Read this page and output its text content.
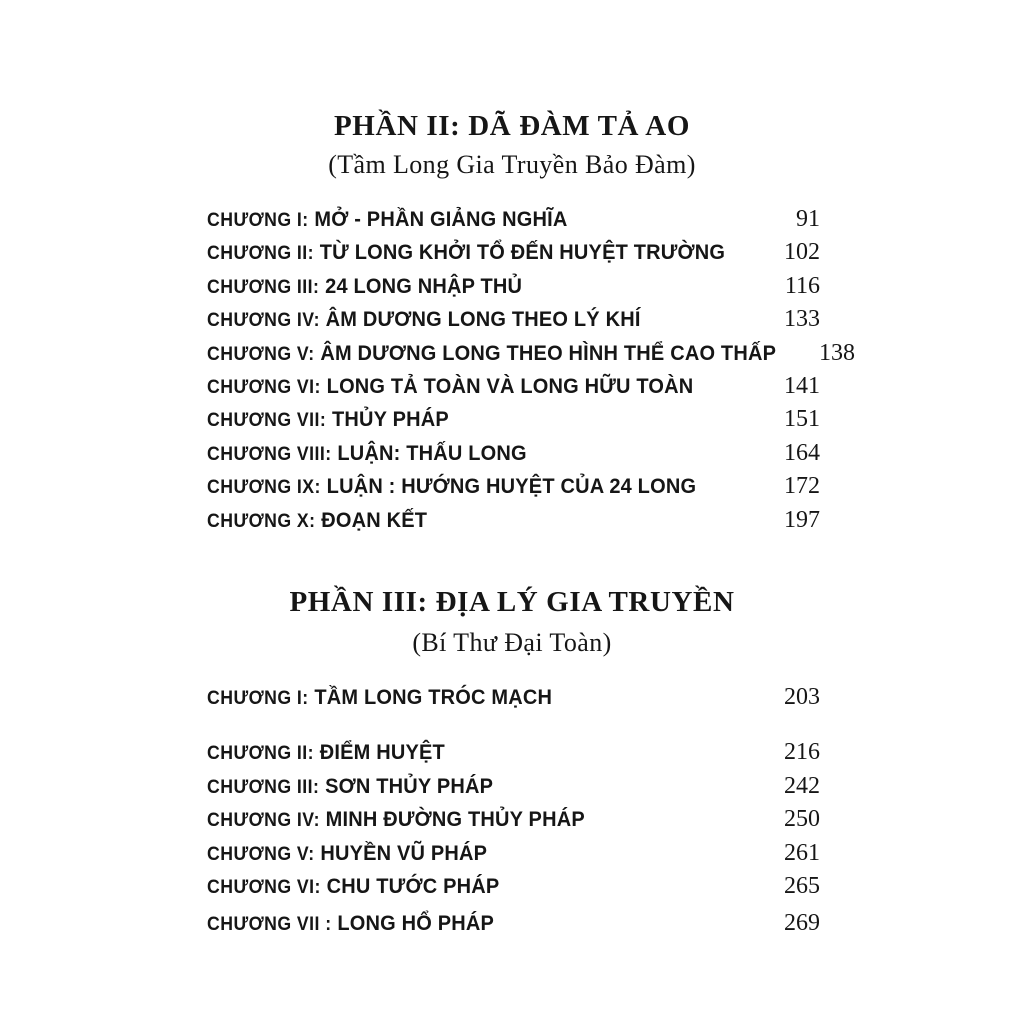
PHẦN II: DÃ ĐÀM TẢ AO
(Tầm Long Gia Truyền Bảo Đàm)
CHƯƠNG I: MỞ - PHẦN GIẢNG NGHĨA	91
CHƯƠNG II: TỪ LONG KHỞI TỔ ĐẾN HUYỆT TRƯỜNG 102
CHƯƠNG III: 24 LONG NHẬP THỦ	116
CHƯƠNG IV: ÂM DƯƠNG LONG THEO LÝ KHÍ	133
CHƯƠNG V: ÂM DƯƠNG LONG THEO HÌNH THỂ CAO THẤP 138
CHƯƠNG VI: LONG TẢ TOÀN VÀ LONG HỮU TOÀN	141
CHƯƠNG VII: THỦY PHÁP	151
CHƯƠNG VIII: LUẬN: THẤU LONG	164
CHƯƠNG IX: LUẬN : HƯỚNG HUYỆT CỦA 24 LONG	172
CHƯƠNG X: ĐOẠN KẾT	197
PHẦN III: ĐỊA LÝ GIA TRUYỀN
(Bí Thư Đại Toàn)
CHƯƠNG I: TẦM LONG TRÓC MẠCH	203
CHƯƠNG II: ĐIỂM HUYỆT	216
CHƯƠNG III: SƠN THỦY PHÁP	242
CHƯƠNG IV: MINH ĐƯỜNG THỦY PHÁP	250
CHƯƠNG V: HUYỀN VŨ PHÁP	261
CHƯƠNG VI: CHU TƯỚC PHÁP	265
CHƯƠNG VII : LONG HỔ PHÁP	269
